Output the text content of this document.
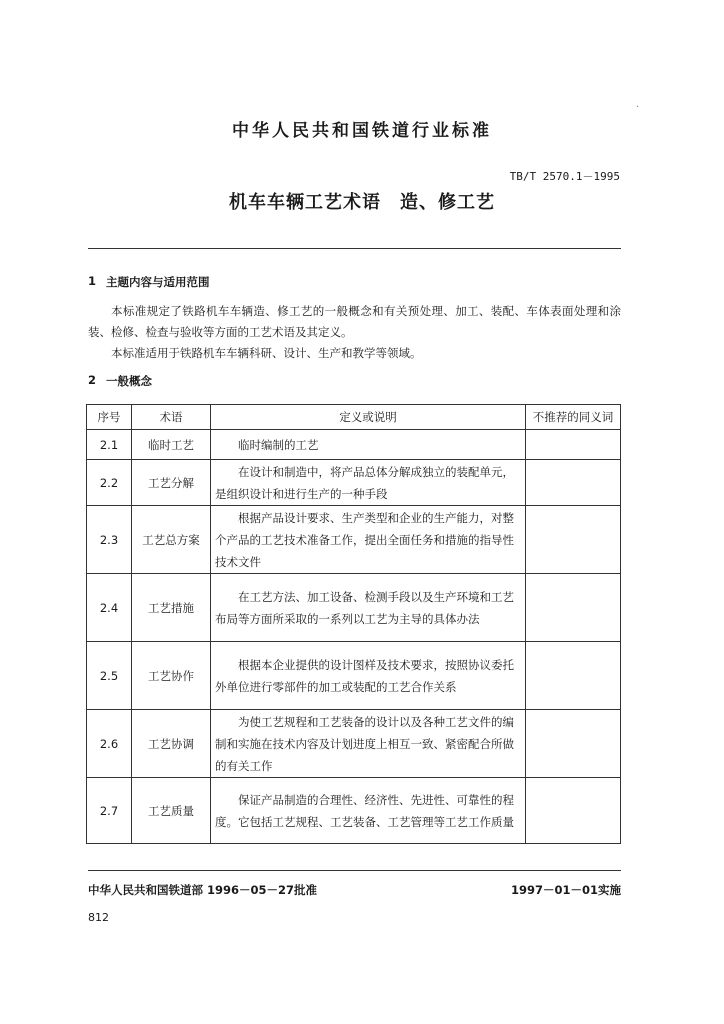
中华人民共和国铁道行业标准
TB/T 2570.1－1995
机车车辆工艺术语　造、修工艺
·
1 主题内容与适用范围
本标准规定了铁路机车车辆造、修工艺的一般概念和有关预处理、加工、装配、车体表面处理和涂装、检修、检查与验收等方面的工艺术语及其定义。
本标准适用于铁路机车车辆科研、设计、生产和教学等领域。
2 一般概念
序号	术语	定义或说明	不推荐的同义词
2.1	临时工艺	临时编制的工艺	
2.2	工艺分解	在设计和制造中，将产品总体分解成独立的装配单元，是组织设计和进行生产的一种手段	
2.3	工艺总方案	根据产品设计要求、生产类型和企业的生产能力，对整个产品的工艺技术准备工作，提出全面任务和措施的指导性技术文件	
2.4	工艺措施	在工艺方法、加工设备、检测手段以及生产环境和工艺布局等方面所采取的一系列以工艺为主导的具体办法	
2.5	工艺协作	根据本企业提供的设计图样及技术要求，按照协议委托外单位进行零部件的加工或装配的工艺合作关系	
2.6	工艺协调	为使工艺规程和工艺装备的设计以及各种工艺文件的编制和实施在技术内容及计划进度上相互一致、紧密配合所做的有关工作	
2.7	工艺质量	保证产品制造的合理性、经济性、先进性、可靠性的程度。它包括工艺规程、工艺装备、工艺管理等工艺工作质量	
中华人民共和国铁道部 1996－05－27批准	1997－01－01实施
812
